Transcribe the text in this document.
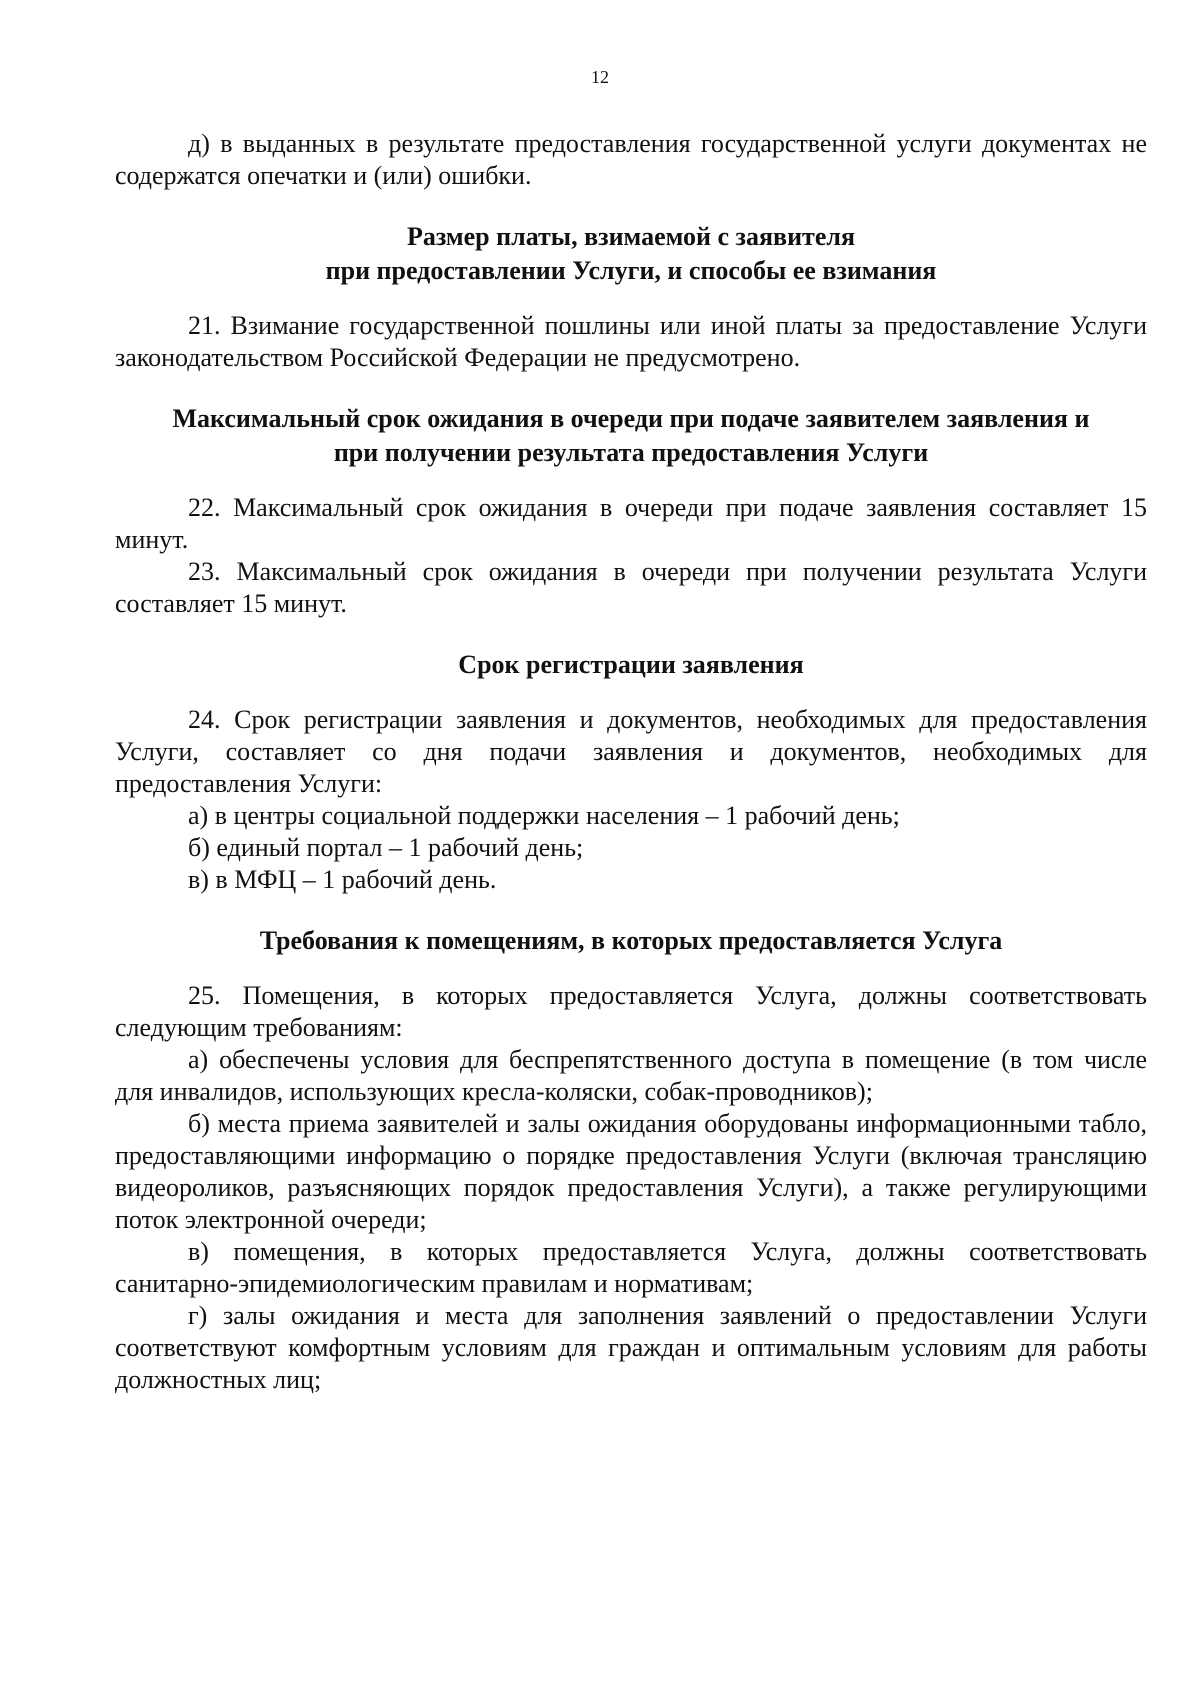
12

д) в выданных в результате предоставления государственной услуги документах не содержатся опечатки и (или) ошибки.

Размер платы, взимаемой с заявителя

при предоставлении Услуги, и способы ее взимания

21. Взимание государственной пошлины или иной платы за предоставление Услуги законодательством Российской Федерации не предусмотрено.

Максимальный срок ожидания в очереди при подаче заявителем заявления и

при получении результата предоставления Услуги

22. Максимальный срок ожидания в очереди при подаче заявления составляет 15 минут.

23. Максимальный срок ожидания в очереди при получении результата Услуги составляет 15 минут.

Срок регистрации заявления

24. Срок регистрации заявления и документов, необходимых для предоставления Услуги, составляет со дня подачи заявления и документов, необходимых для предоставления Услуги:

а) в центры социальной поддержки населения – 1 рабочий день;

б) единый портал – 1 рабочий день;

в) в МФЦ – 1 рабочий день.

Требования к помещениям, в которых предоставляется Услуга

25. Помещения, в которых предоставляется Услуга, должны соответствовать следующим требованиям:

а) обеспечены условия для беспрепятственного доступа в помещение (в том числе для инвалидов, использующих кресла-коляски, собак-проводников);

б) места приема заявителей и залы ожидания оборудованы информационными табло, предоставляющими информацию о порядке предоставления Услуги (включая трансляцию видеороликов, разъясняющих порядок предоставления Услуги), а также регулирующими поток электронной очереди;

в) помещения, в которых предоставляется Услуга, должны соответствовать санитарно-эпидемиологическим правилам и нормативам;

г) залы ожидания и места для заполнения заявлений о предоставлении Услуги соответствуют комфортным условиям для граждан и оптимальным условиям для работы должностных лиц;
